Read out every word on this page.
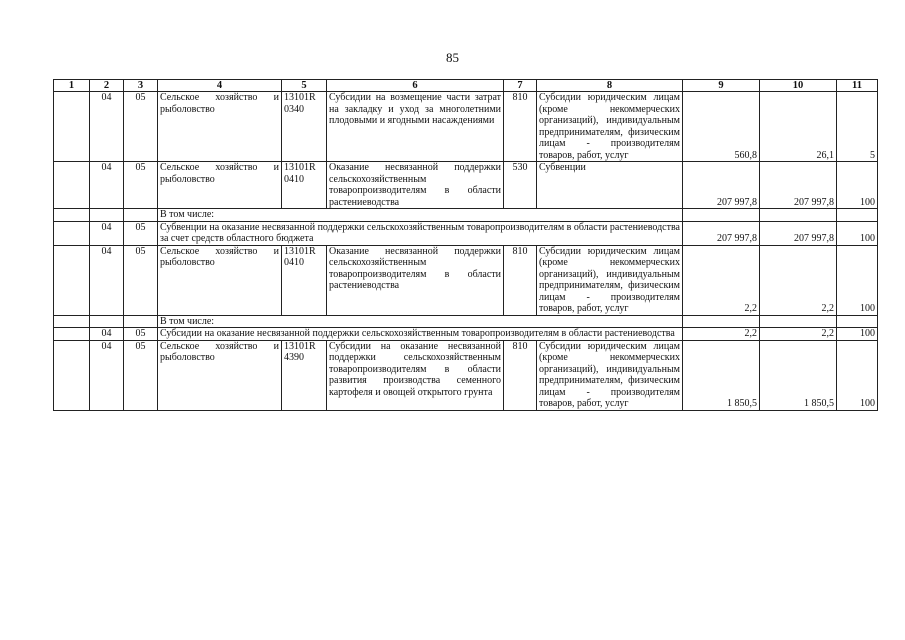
85
1	2	3	4	5	6	7	8	9	10	11
	04	05	Сельское хозяйство и рыболовство	13101R 0340	Субсидии на возмещение части затрат на закладку и уход за многолетними плодовыми и ягодными насаждениями	810	Субсидии юридическим лицам (кроме некоммерческих организаций), индивидуальным предпринимателям, физическим лицам - производителям товаров, работ, услуг	560,8	26,1	5
	04	05	Сельское хозяйство и рыболовство	13101R 0410	Оказание несвязанной поддержки сельскохозяйственным товаропроизводителям в области растениеводства	530	Субвенции	207 997,8	207 997,8	100
			В том числе:							
	04	05	Субвенции на оказание несвязанной поддержки сельскохозяйственным товаропроизводителям в области растениеводства за счет средств областного бюджета					207 997,8	207 997,8	100
	04	05	Сельское хозяйство и рыболовство	13101R 0410	Оказание несвязанной поддержки сельскохозяйственным товаропроизводителям в области растениеводства	810	Субсидии юридическим лицам (кроме некоммерческих организаций), индивидуальным предпринимателям, физическим лицам - производителям товаров, работ, услуг	2,2	2,2	100
			В том числе:							
	04	05	Субсидии на оказание несвязанной поддержки сельскохозяйственным товаропроизводителям в области растениеводства					2,2	2,2	100
	04	05	Сельское хозяйство и рыболовство	13101R 4390	Субсидии на оказание несвязанной поддержки сельскохозяйственным товаропроизводителям в области развития производства семенного картофеля и овощей открытого грунта	810	Субсидии юридическим лицам (кроме некоммерческих организаций), индивидуальным предпринимателям, физическим лицам - производителям товаров, работ, услуг	1 850,5	1 850,5	100
